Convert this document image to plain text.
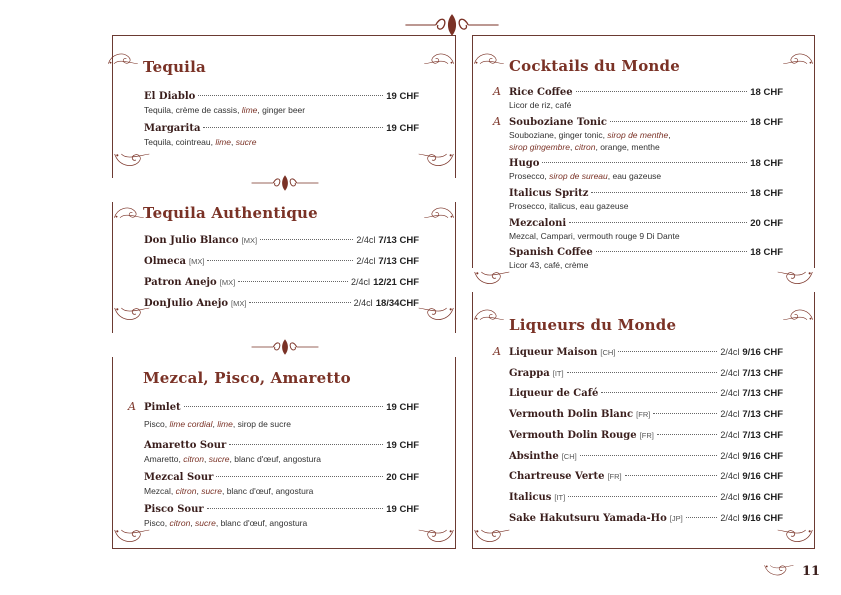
Tequila
El Diablo	19 CHF
Tequila, crème de cassis, lime, ginger beer
Margarita	19 CHF
Tequila, cointreau, lime, sucre
Tequila Authentique
Don Julio Blanco [MX]	2/4cl 7/13 CHF
Olmeca [MX]	2/4cl 7/13 CHF
Patron Anejo [MX]	2/4cl 12/21 CHF
DonJulio Anejo [MX]	2/4cl 18/34CHF
Mezcal, Pisco, Amaretto
A Pimlet	19 CHF
Pisco, lime cordial, lime, sirop de sucre
Amaretto Sour	19 CHF
Amaretto, citron, sucre, blanc d'œuf, angostura
Mezcal Sour	20 CHF
Mezcal, citron, sucre, blanc d'œuf, angostura
Pisco Sour	19 CHF
Pisco, citron, sucre, blanc d'œuf, angostura
Cocktails du Monde
A Rice Coffee	18 CHF
Licor de riz, café
A Souboziane Tonic	18 CHF
Souboziane, ginger tonic, sirop de menthe,
sirop gingembre, citron, orange, menthe
Hugo	18 CHF
Prosecco, sirop de sureau, eau gazeuse
Italicus Spritz	18 CHF
Prosecco, italicus, eau gazeuse
Mezcaloni	20 CHF
Mezcal, Campari, vermouth rouge 9 Di Dante
Spanish Coffee	18 CHF
Licor 43, café, crème
Liqueurs du Monde
A Liqueur Maison [CH]	2/4cl 9/16 CHF
Grappa [IT]	2/4cl 7/13 CHF
Liqueur de Café	2/4cl 7/13 CHF
Vermouth Dolin Blanc [FR]	2/4cl 7/13 CHF
Vermouth Dolin Rouge [FR]	2/4cl 7/13 CHF
Absinthe [CH]	2/4cl 9/16 CHF
Chartreuse Verte [FR]	2/4cl 9/16 CHF
Italicus [IT]	2/4cl 9/16 CHF
Sake Hakutsuru Yamada-Ho [JP]	2/4cl 9/16 CHF
11
